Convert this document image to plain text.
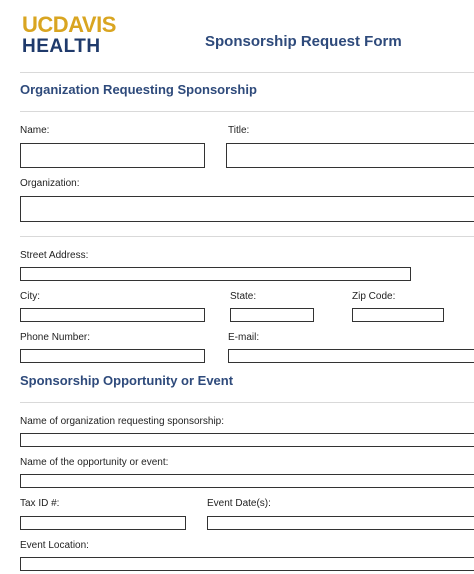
UCDAVIS
HEALTH	Sponsorship Request Form
Organization Requesting Sponsorship
Name:	Title:
Organization:
Street Address:
City:	State:	Zip Code:
Phone Number:	E-mail:
Sponsorship Opportunity or Event
Name of organization requesting sponsorship:
Name of the opportunity or event:
Tax ID #:	Event Date(s):
Event Location:
